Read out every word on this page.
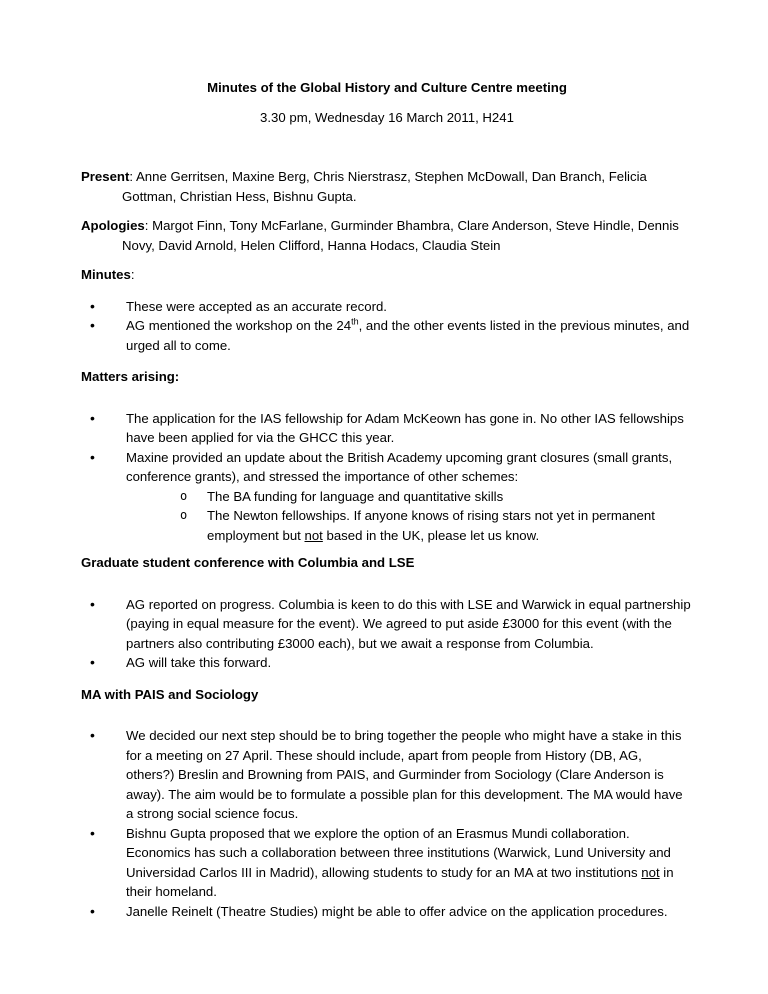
Minutes of the Global History and Culture Centre meeting

3.30 pm, Wednesday 16 March 2011, H241

Present: Anne Gerritsen, Maxine Berg, Chris Nierstrasz, Stephen McDowall, Dan Branch, Felicia Gottman, Christian Hess, Bishnu Gupta.

Apologies: Margot Finn, Tony McFarlane, Gurminder Bhambra, Clare Anderson, Steve Hindle, Dennis Novy, David Arnold, Helen Clifford, Hanna Hodacs, Claudia Stein

Minutes:

• These were accepted as an accurate record.
• AG mentioned the workshop on the 24th, and the other events listed in the previous minutes, and urged all to come.

Matters arising:

• The application for the IAS fellowship for Adam McKeown has gone in. No other IAS fellowships have been applied for via the GHCC this year.
• Maxine provided an update about the British Academy upcoming grant closures (small grants, conference grants), and stressed the importance of other schemes:
o The BA funding for language and quantitative skills
o The Newton fellowships. If anyone knows of rising stars not yet in permanent employment but not based in the UK, please let us know.

Graduate student conference with Columbia and LSE

• AG reported on progress. Columbia is keen to do this with LSE and Warwick in equal partnership (paying in equal measure for the event). We agreed to put aside £3000 for this event (with the partners also contributing £3000 each), but we await a response from Columbia.
• AG will take this forward.

MA with PAIS and Sociology

• We decided our next step should be to bring together the people who might have a stake in this for a meeting on 27 April. These should include, apart from people from History (DB, AG, others?) Breslin and Browning from PAIS, and Gurminder from Sociology (Clare Anderson is away). The aim would be to formulate a possible plan for this development. The MA would have a strong social science focus.
• Bishnu Gupta proposed that we explore the option of an Erasmus Mundi collaboration. Economics has such a collaboration between three institutions (Warwick, Lund University and Universidad Carlos III in Madrid), allowing students to study for an MA at two institutions not in their homeland.
• Janelle Reinelt (Theatre Studies) might be able to offer advice on the application procedures.
